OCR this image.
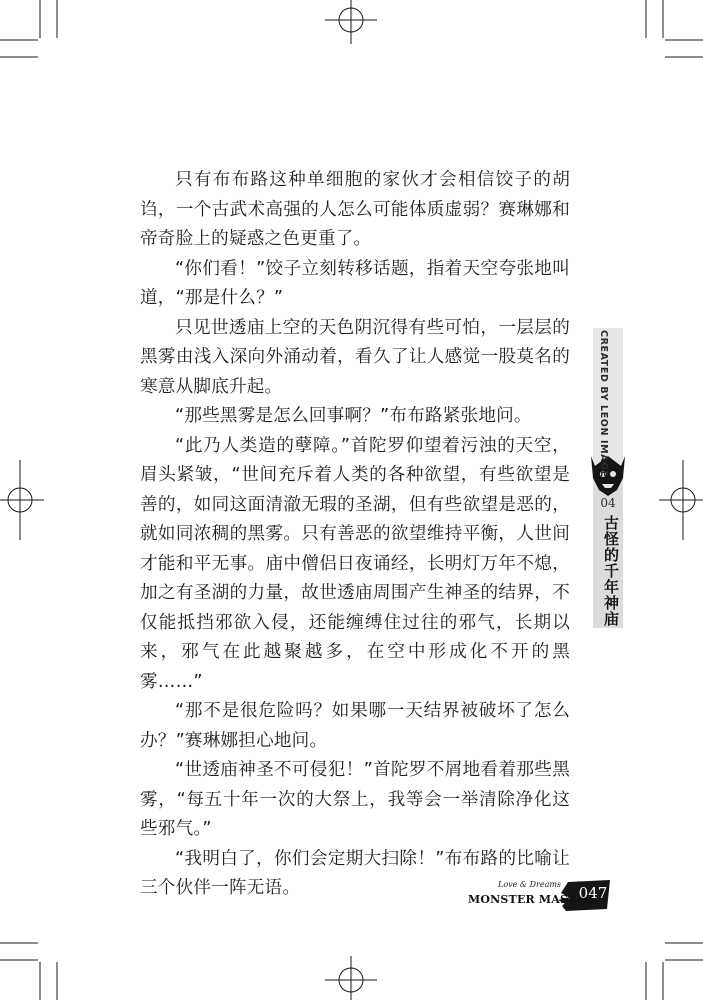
只有布布路这种单细胞的家伙才会相信饺子的胡诌，一个古武术高强的人怎么可能体质虚弱？赛琳娜和帝奇脸上的疑惑之色更重了。

“你们看！”饺子立刻转移话题，指着天空夸张地叫道，“那是什么？”

只见世透庙上空的天色阴沉得有些可怕，一层层的黑雾由浅入深向外涌动着，看久了让人感觉一股莫名的寒意从脚底升起。

“那些黑雾是怎么回事啊？”布布路紧张地问。

“此乃人类造的孽障。”首陀罗仰望着污浊的天空，眉头紧皱，“世间充斥着人类的各种欲望，有些欲望是善的，如同这面清澈无瑕的圣湖，但有些欲望是恶的，就如同浓稠的黑雾。只有善恶的欲望维持平衡，人世间才能和平无事。庙中僧侣日夜诵经，长明灯万年不熄，加之有圣湖的力量，故世透庙周围产生神圣的结界，不仅能抵挡邪欲入侵，还能缠缚住过往的邪气，长期以来，邪气在此越聚越多，在空中形成化不开的黑雾……”

“那不是很危险吗？如果哪一天结界被破坏了怎么办？”赛琳娜担心地问。

“世透庙神圣不可侵犯！”首陀罗不屑地看着那些黑雾，“每五十年一次的大祭上，我等会一举清除净化这些邪气。”

“我明白了，你们会定期大扫除！”布布路的比喻让三个伙伴一阵无语。

CREATED BY LEON IMAGE
04
古怪的千年神庙
Love & Dreams
MONSTER MASTER
047
